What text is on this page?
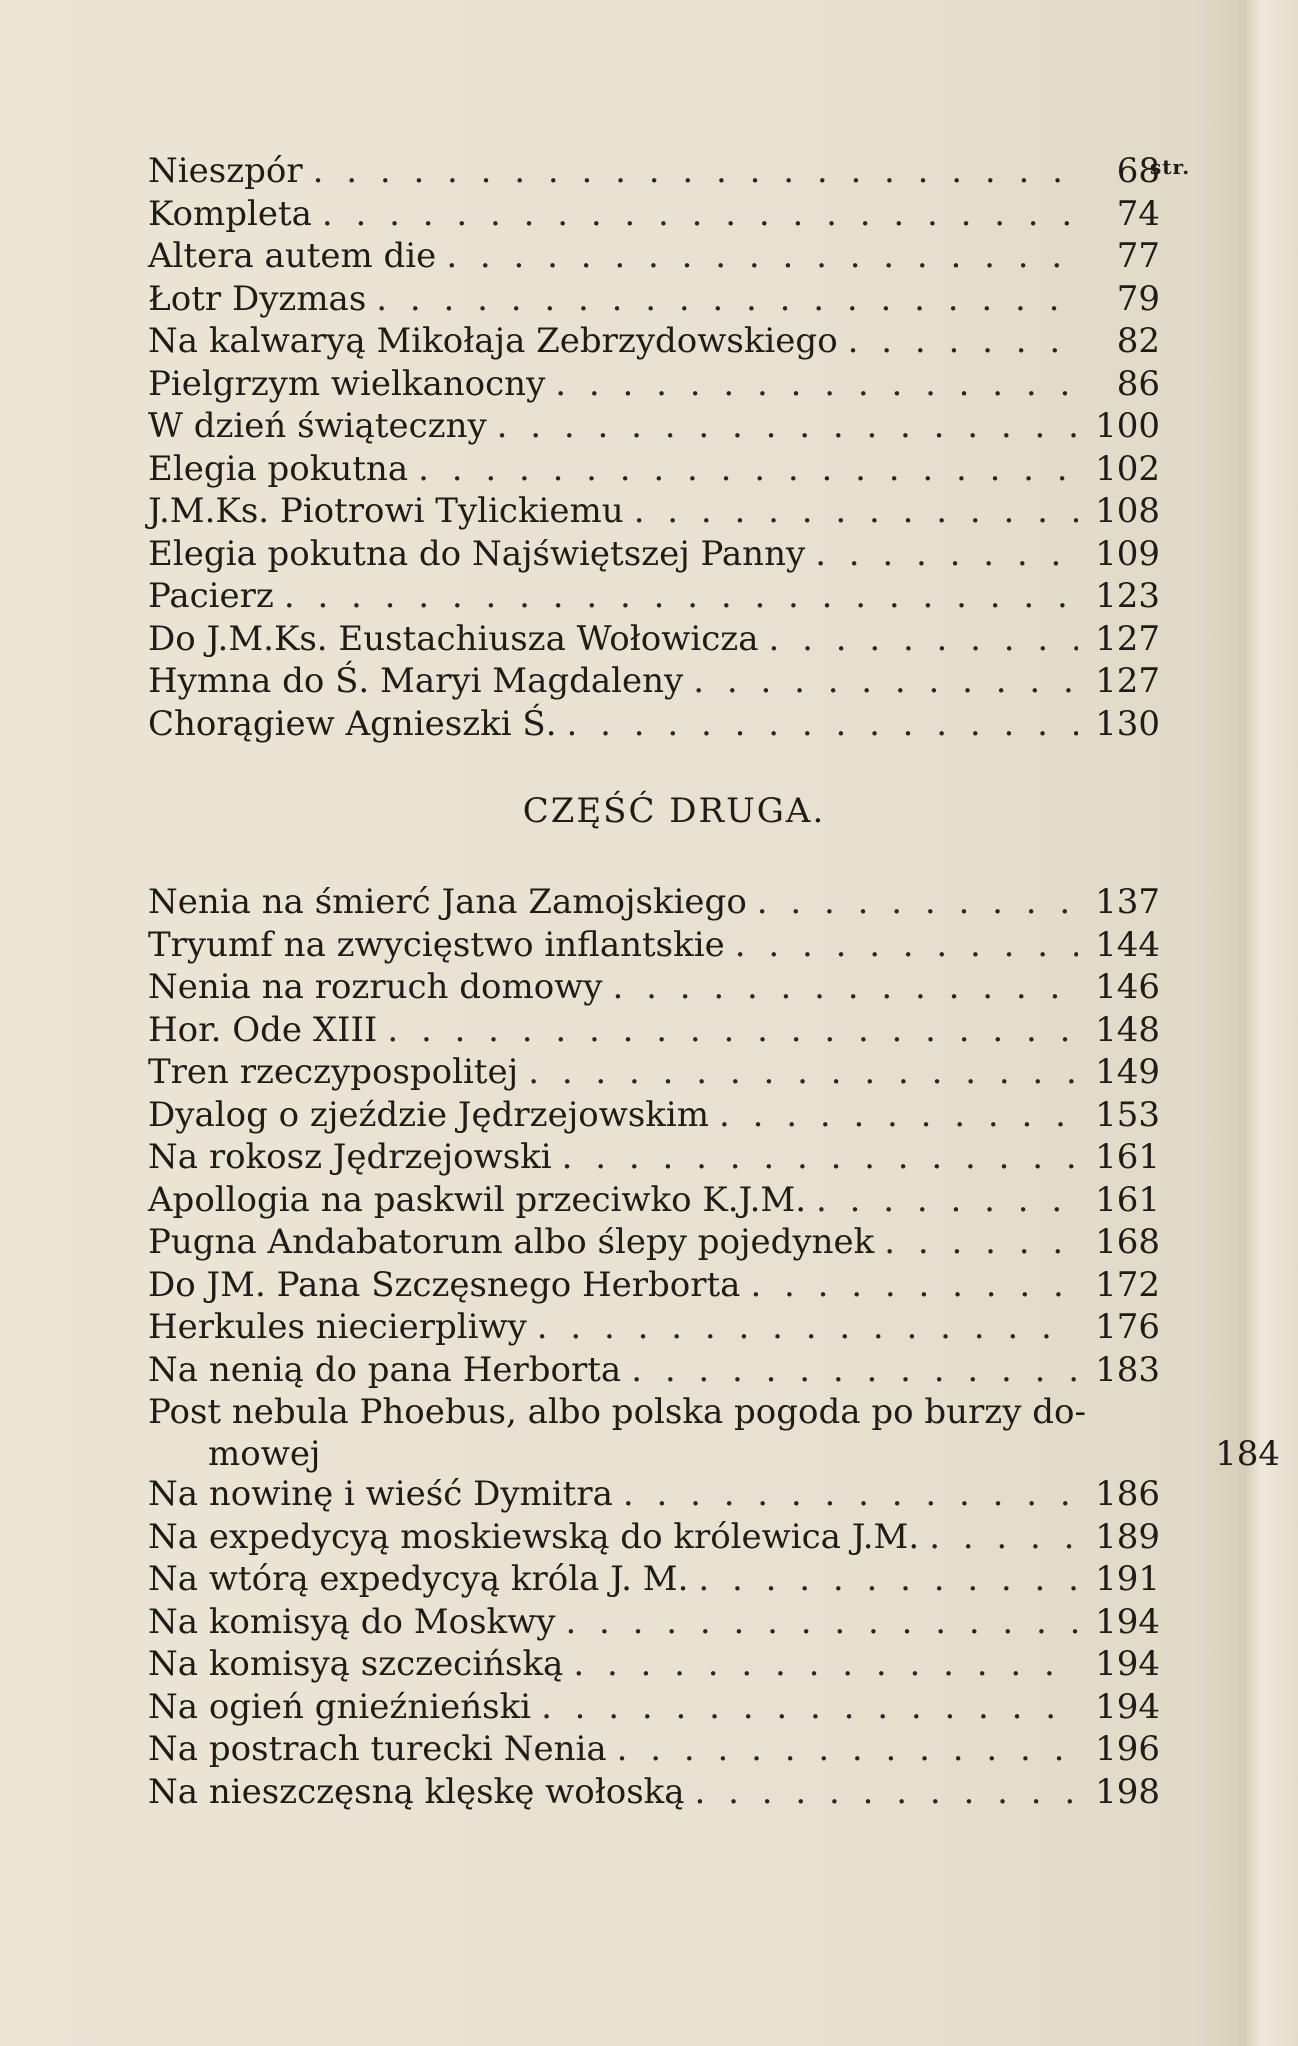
str.
Nieszpór . . .	68
Kompleta . . .	74
Altera autem die . . .	77
Łotr Dyzmas . . .	79
Na kalwaryą Mikołaja Zebrzydowskiego . . .	82
Pielgrzym wielkanocny . . .	86
W dzień świąteczny . . .	100
Elegia pokutna . . .	102
J.M.Ks. Piotrowi Tylickiemu . . .	108
Elegia pokutna do Najświętszej Panny . . .	109
Pacierz . . .	123
Do J.M.Ks. Eustachiusza Wołowicza . . .	127
Hymna do Ś. Maryi Magdaleny . . .	127
Chorągiew Agnieszki Ś. . . .	130
CZĘŚĆ DRUGA.
Nenia na śmierć Jana Zamojskiego . . .	137
Tryumf na zwycięstwo inflantskie . . .	144
Nenia na rozruch domowy . . .	146
Hor. Ode XIII . . .	148
Tren rzeczypospolitej . . .	149
Dyalog o zjeździe Jędrzejowskim . . .	153
Na rokosz Jędrzejowski . . .	161
Apollogia na paskwil przeciwko K.J.M. . . .	161
Pugna Andabatorum albo ślepy pojedynek . . .	168
Do JM. Pana Szczęsnego Herborta . . .	172
Herkules niecierpliwy . . .	176
Na nenią do pana Herborta . . .	183
Post nebula Phoebus, albo polska pogoda po burzy do-
mowej	184
Na nowinę i wieść Dymitra . . .	186
Na expedycyą moskiewską do królewica J.M. . . .	189
Na wtórą expedycyą króla J. M. . . .	191
Na komisyą do Moskwy . . .	194
Na komisyą szczecińską . . .	194
Na ogień gnieźnieński . . .	194
Na postrach turecki Nenia . . .	196
Na nieszczęsną klęskę wołoską . . .	198
